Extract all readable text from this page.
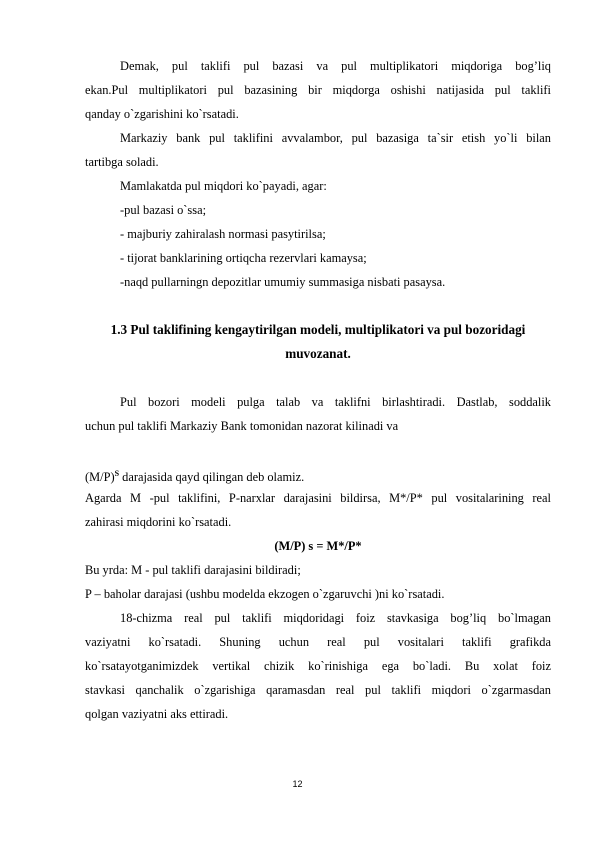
Demak, pul taklifi pul bazasi va pul multiplikatori miqdoriga bog’liq
ekan.Pul multiplikatori pul bazasining bir miqdorga oshishi natijasida pul taklifi
qanday o`zgarishini ko`rsatadi.
Markaziy bank pul taklifini avvalambor, pul bazasiga ta`sir etish yo`li bilan
tartibga soladi.
Mamlakatda pul miqdori ko`payadi, agar:
-pul bazasi o`ssa;
- majburiy zahiralash normasi pasytirilsa;
- tijorat banklarining ortiqcha rezervlari kamaysa;
-naqd pullarningn depozitlar umumiy summasiga nisbati pasaysa.
1.3 Pul taklifining kengaytirilgan modeli, multiplikatori va pul bozoridagi
muvozanat.
Pul bozori modeli pulga talab va taklifni birlashtiradi. Dastlab, soddalik
uchun pul taklifi Markaziy Bank tomonidan nazorat kilinadi va
$(M/P)^S$ darajasida qayd qilingan deb olamiz.
Agarda M -pul taklifini, P-narxlar darajasini bildirsa, M*/P* pul vositalarining real
zahirasi miqdorini ko`rsatadi.
(M/P) s = M*/P*
Bu yrda: M - pul taklifi darajasini bildiradi;
P – baholar darajasi (ushbu modelda ekzogen o`zgaruvchi )ni ko`rsatadi.
18-chizma real pul taklifi miqdoridagi foiz stavkasiga bog’liq bo`lmagan
vaziyatni ko`rsatadi. Shuning uchun real pul vositalari taklifi grafikda
ko`rsatayotganimizdek vertikal chizik ko`rinishiga ega bo`ladi. Bu xolat foiz
stavkasi qanchalik o`zgarishiga qaramasdan real pul taklifi miqdori o`zgarmasdan
qolgan vaziyatni aks ettiradi.
12
